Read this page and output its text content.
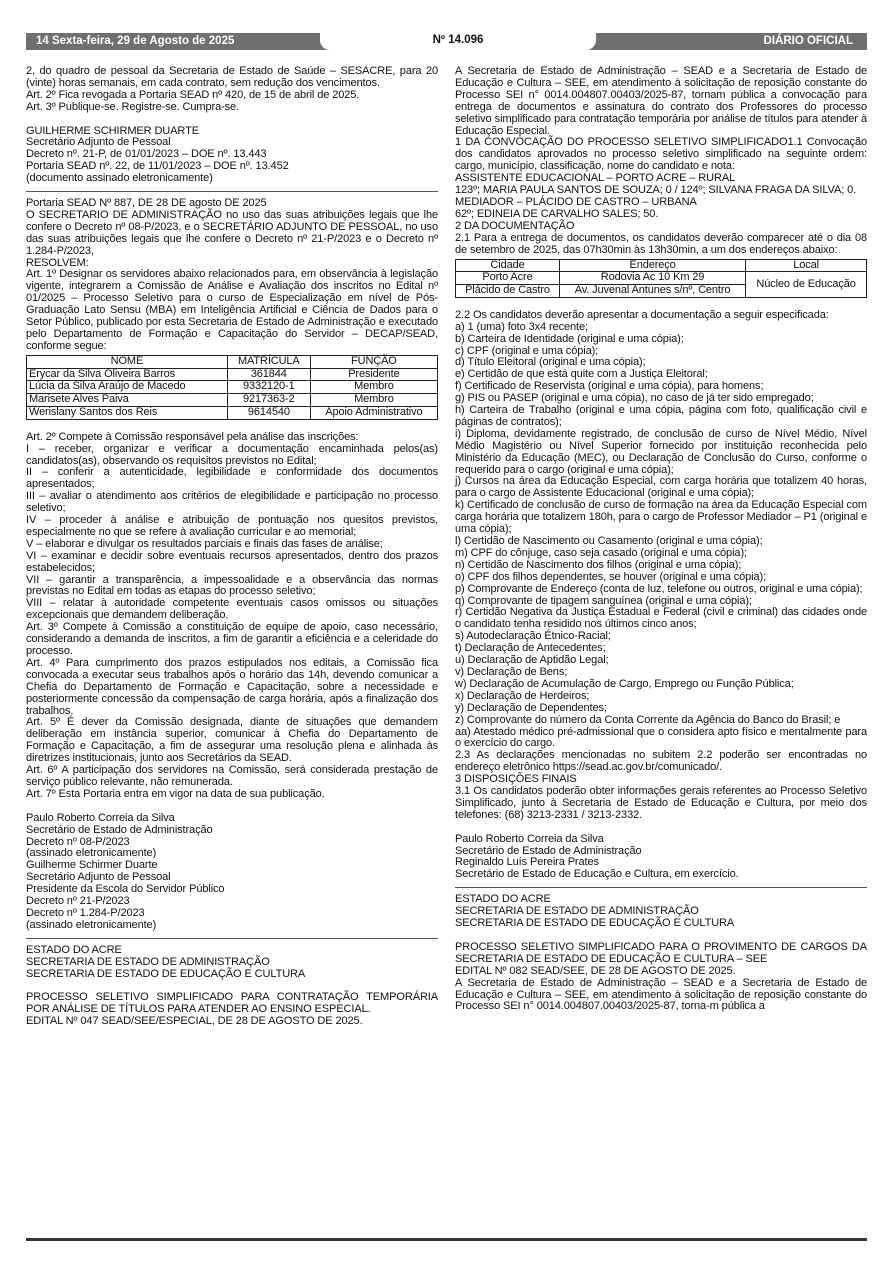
14 Sexta-feira, 29 de Agosto de 2025	Nº 14.096	DIÁRIO OFICIAL

2, do quadro de pessoal da Secretaria de Estado de Saúde – SESACRE, para 20 (vinte) horas semanais, em cada contrato, sem redução dos vencimentos.

Art. 2º Fica revogada a Portaria SEAD nº 420, de 15 de abril de 2025.

Art. 3º Publique-se. Registre-se. Cumpra-se.

GUILHERME SCHIRMER DUARTE

Secretário Adjunto de Pessoal

Decreto nº. 21-P, de 01/01/2023 – DOE nº. 13.443

Portaria SEAD nº. 22, de 11/01/2023 – DOE nº. 13.452

(documento assinado eletronicamente)

Portaria SEAD Nº 887, DE 28 DE agosto DE 2025

O SECRETARIO DE ADMINISTRAÇÃO no uso das suas atribuições legais que lhe confere o Decreto nº 08-P/2023, e o SECRETÁRIO ADJUNTO DE PESSOAL, no uso das suas atribuições legais que lhe confere o Decreto nº 21-P/2023 e o Decreto nº 1.284-P/2023,

RESOLVEM:

Art. 1º Designar os servidores abaixo relacionados para, em observância à legislação vigente, integrarem a Comissão de Análise e Avaliação dos inscritos no Edital nº 01/2025 – Processo Seletivo para o curso de Especialização em nível de Pós-Graduação Lato Sensu (MBA) em Inteligência Artificial e Ciência de Dados para o Setor Público, publicado por esta Secretaria de Estado de Administração e executado pelo Departamento de Formação e Capacitação do Servidor – DECAP/SEAD, conforme segue:

NOME	MATRÍCULA	FUNÇÃO
Erycar da Silva Oliveira Barros	361844	Presidente
Lúcia da Silva Araújo de Macedo	9332120-1	Membro
Marisete Alves Paiva	9217363-2	Membro
Werislany Santos dos Reis	9614540	Apoio Administrativo

Art. 2º Compete à Comissão responsável pela análise das inscrições:

I – receber, organizar e verificar a documentação encaminhada pelos(as) candidatos(as), observando os requisitos previstos no Edital;

II – conferir a autenticidade, legibilidade e conformidade dos documentos apresentados;

III – avaliar o atendimento aos critérios de elegibilidade e participação no processo seletivo;

IV – proceder à análise e atribuição de pontuação nos quesitos previstos, especialmente no que se refere à avaliação curricular e ao memorial;

V – elaborar e divulgar os resultados parciais e finais das fases de análise;

VI – examinar e decidir sobre eventuais recursos apresentados, dentro dos prazos estabelecidos;

VII – garantir a transparência, a impessoalidade e a observância das normas previstas no Edital em todas as etapas do processo seletivo;

VIII – relatar à autoridade competente eventuais casos omissos ou situações excepcionais que demandem deliberação.

Art. 3º Compete à Comissão a constituição de equipe de apoio, caso necessário, considerando a demanda de inscritos, a fim de garantir a eficiência e a celeridade do processo.

Art. 4º Para cumprimento dos prazos estipulados nos editais, a Comissão fica convocada a executar seus trabalhos após o horário das 14h, devendo comunicar a Chefia do Departamento de Formação e Capacitação, sobre a necessidade e posteriormente concessão da compensação de carga horária, após a finalização dos trabalhos.

Art. 5º É dever da Comissão designada, diante de situações que demandem deliberação em instância superior, comunicar à Chefia do Departamento de Formação e Capacitação, a fim de assegurar uma resolução plena e alinhada às diretrizes institucionais, junto aos Secretários da SEAD.

Art. 6º A participação dos servidores na Comissão, será considerada prestação de serviço público relevante, não remunerada.

Art. 7º Esta Portaria entra em vigor na data de sua publicação.

Paulo Roberto Correia da Silva

Secretário de Estado de Administração

Decreto nº 08-P/2023

(assinado eletronicamente)

Guilherme Schirmer Duarte

Secretário Adjunto de Pessoal

Presidente da Escola do Servidor Público

Decreto nº 21-P/2023

Decreto nº 1.284-P/2023

(assinado eletronicamente)

ESTADO DO ACRE

SECRETARIA DE ESTADO DE ADMINISTRAÇÃO

SECRETARIA DE ESTADO DE EDUCAÇÃO E CULTURA

PROCESSO SELETIVO SIMPLIFICADO PARA CONTRATAÇÃO TEMPORÁRIA POR ANÁLISE DE TÍTULOS PARA ATENDER AO ENSINO ESPECIAL.

EDITAL Nº 047 SEAD/SEE/ESPECIAL, DE 28 DE AGOSTO DE 2025.

A Secretaria de Estado de Administração – SEAD e a Secretaria de Estado de Educação e Cultura – SEE, em atendimento à solicitação de reposição constante do Processo SEI n° 0014.004807.00403/2025-87, tornam pública a convocação para entrega de documentos e assinatura do contrato dos Professores do processo seletivo simplificado para contratação temporária por análise de títulos para atender à Educação Especial.

1 DA CONVOCAÇÃO DO PROCESSO SELETIVO SIMPLIFICADO1.1 Convocação dos candidatos aprovados no processo seletivo simplificado na seguinte ordem: cargo, município, classificação, nome do candidato e nota:

ASSISTENTE EDUCACIONAL – PORTO ACRE – RURAL

123º; MARIA PAULA SANTOS DE SOUZA; 0 / 124º; SILVANA FRAGA DA SILVA; 0.

MEDIADOR – PLÁCIDO DE CASTRO – URBANA

62º; EDINEIA DE CARVALHO SALES; 50.

2 DA DOCUMENTAÇÃO

2.1 Para a entrega de documentos, os candidatos deverão comparecer até o dia 08 de setembro de 2025, das 07h30min às 13h30min, a um dos endereços abaixo:

Cidade	Endereço	Local
Porto Acre	Rodovia Ac 10 Km 29	Núcleo de Educação
Plácido de Castro	Av. Juvenal Antunes s/nº, Centro	

2.2 Os candidatos deverão apresentar a documentação a seguir especificada:

a) 1 (uma) foto 3x4 recente;

b) Carteira de Identidade (original e uma cópia);

c) CPF (original e uma cópia);

d) Título Eleitoral (original e uma cópia);

e) Certidão de que está quite com a Justiça Eleitoral;

f) Certificado de Reservista (original e uma cópia), para homens;

g) PIS ou PASEP (original e uma cópia), no caso de já ter sido empregado;

h) Carteira de Trabalho (original e uma cópia, página com foto, qualificação civil e páginas de contratos);

i) Diploma, devidamente registrado, de conclusão de curso de Nível Médio, Nível Médio Magistério ou Nível Superior fornecido por instituição reconhecida pelo Ministério da Educação (MEC), ou Declaração de Conclusão do Curso, conforme o requerido para o cargo (original e uma cópia);

j) Cursos na área da Educação Especial, com carga horária que totalizem 40 horas, para o cargo de Assistente Educacional (original e uma cópia);

k) Certificado de conclusão de curso de formação na área da Educação Especial com carga horária que totalizem 180h, para o cargo de Professor Mediador – P1 (original e uma cópia);

l) Certidão de Nascimento ou Casamento (original e uma cópia);

m) CPF do cônjuge, caso seja casado (original e uma cópia);

n) Certidão de Nascimento dos filhos (original e uma cópia);

o) CPF dos filhos dependentes, se houver (original e uma cópia);

p) Comprovante de Endereço (conta de luz, telefone ou outros, original e uma cópia);

q) Comprovante de tipagem sanguínea (original e uma cópia);

r) Certidão Negativa da Justiça Estadual e Federal (civil e criminal) das cidades onde o candidato tenha residido nos últimos cinco anos;

s) Autodeclaração Étnico-Racial;

t) Declaração de Antecedentes;

u) Declaração de Aptidão Legal;

v) Declaração de Bens;

w) Declaração de Acumulação de Cargo, Emprego ou Função Pública;

x) Declaração de Herdeiros;

y) Declaração de Dependentes;

z) Comprovante do número da Conta Corrente da Agência do Banco do Brasil; e

aa) Atestado médico pré-admissional que o considera apto físico e mentalmente para o exercício do cargo.

2.3 As declarações mencionadas no subitem 2.2 poderão ser encontradas no endereço eletrônico https://sead.ac.gov.br/comunicado/.

3 DISPOSIÇÕES FINAIS

3.1 Os candidatos poderão obter informações gerais referentes ao Processo Seletivo Simplificado, junto à Secretaria de Estado de Educação e Cultura, por meio dos telefones: (68) 3213-2331 / 3213-2332.

Paulo Roberto Correia da Silva

Secretário de Estado de Administração

Reginaldo Luís Pereira Prates

Secretário de Estado de Educação e Cultura, em exercício.

ESTADO DO ACRE

SECRETARIA DE ESTADO DE ADMINISTRAÇÃO

SECRETARIA DE ESTADO DE EDUCAÇÃO E CULTURA

PROCESSO SELETIVO SIMPLIFICADO PARA O PROVIMENTO DE CARGOS DA SECRETARIA DE ESTADO DE EDUCAÇÃO E CULTURA – SEE

EDITAL Nº 082 SEAD/SEE, DE 28 DE AGOSTO DE 2025.

A Secretaria de Estado de Administração – SEAD e a Secretaria de Estado de Educação e Cultura – SEE, em atendimento à solicitação de reposição constante do Processo SEI n° 0014.004807.00403/2025-87, torna-m pública a
